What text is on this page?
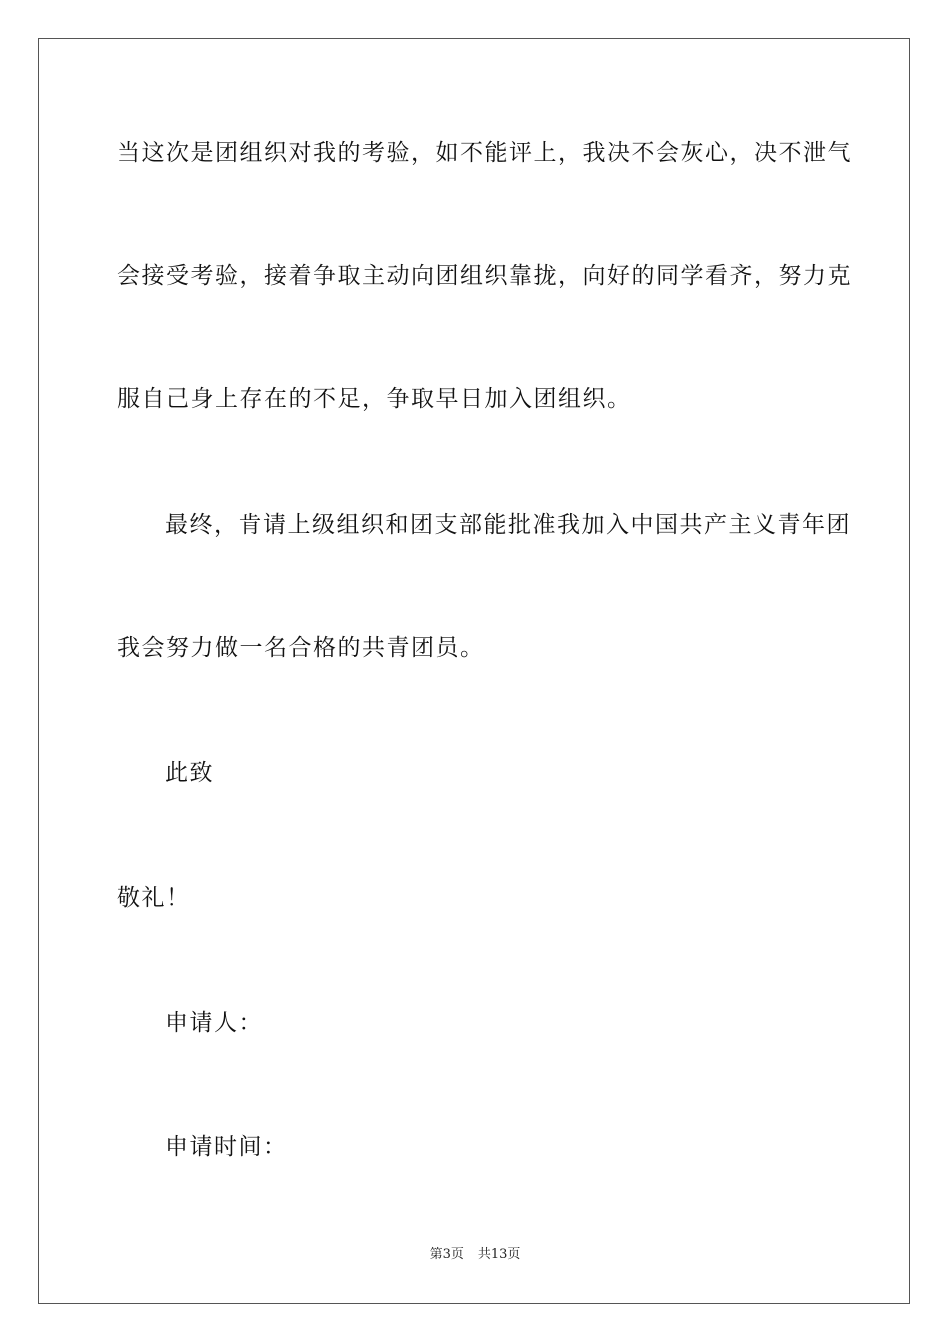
当这次是团组织对我的考验，如不能评上，我决不会灰心，决不泄气
会接受考验，接着争取主动向团组织靠拢，向好的同学看齐，努力克
服自己身上存在的不足，争取早日加入团组织。
最终，肯请上级组织和团支部能批准我加入中国共产主义青年团
我会努力做一名合格的共青团员。
此致
敬礼！
申请人：
申请时间：
第3页 共13页
